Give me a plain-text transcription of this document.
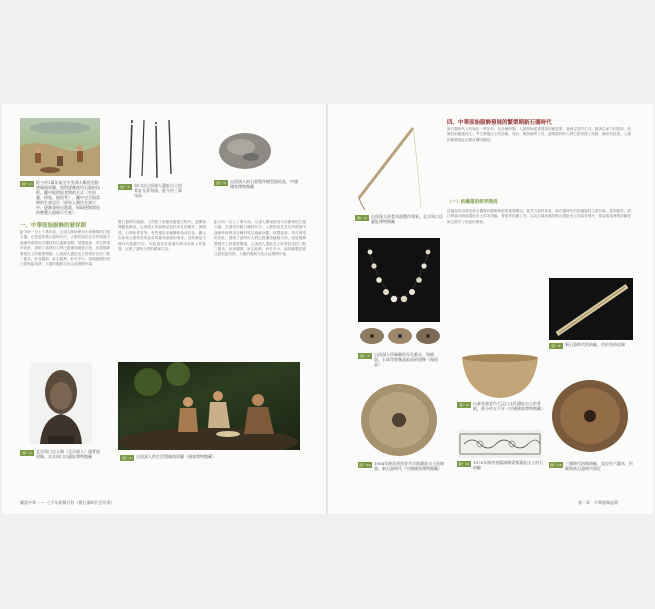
圖一-1	距今約1萬年前至中美洲人類的活動想像復原圖，他們逐漸使用石器的技術。圖中他們取食物的方式（有狩獵、採集、捕魚等），圖中也呈現當時的生產居住（原始人類住在洞穴中，逐漸發展出農業，採取後期開始的磨製石器進行生產）
圖一-2	周口店山頂洞人遺址出土的骨針及骨角器，距今約三萬年前
圖一-3	山頂洞人的石器製作模型復原品，中國國家博物館藏
一、中華原始服飾的發祥期
距今約一百七十萬年前，元謀人開始使用火和簡單的打製石器。在漫長的舊石器時代中，人類的祖先在自然環境中逐漸學會利用各種材料以遮蔽身體，抵禦風寒。考古發現的骨針，證明了當時的人們已經懂得縫製衣物，這是服飾發展史上的重要開端。山頂洞人遺址出土的骨針長約八點二釐米，針身圓滑，針尖銳利，針孔窄小，說明縫製技術已經相當成熟，人類的服飾文化由此揭開序幕。
舊石器時代晚期，人們除了用獸皮縫製衣物外，還開始佩戴裝飾品。山頂洞人的裝飾品包括穿孔的獸牙、海蚶殼、石珠和骨管等，有些還用赤鐵礦粉染成紅色，顯示出原始人類對美的追求與審美意識的萌芽。這些飾品不僅具有裝飾作用，可能還具有某種宗教或巫術上的意義，反映了當時人們的精神生活。
距今約一百七十萬年前，元謀人開始使用火和簡單的打製石器。在漫長的舊石器時代中，人類的祖先在自然環境中逐漸學會利用各種材料以遮蔽身體，抵禦風寒。考古發現的骨針，證明了當時的人們已經懂得縫製衣物，這是服飾發展史上的重要開端。山頂洞人遺址出土的骨針長約八點二釐米，針身圓滑，針尖銳利，針孔窄小，說明縫製技術已經相當成熟，人類的服飾文化由此揭開序幕。
圖一-4	北京周口店人類（北京猿人）頭骨復原像，北京周口店遺址博物館藏	圖一-5	山頂洞人的生活想像復原圖（國家博物館藏）
圖說中華一 — 七千年服飾百科（舊石器時代至明清）
圖一-6	山頂洞人的骨角器製作場景，北京周口店遺址博物館藏
四、中華原始服飾發展的繁榮期新石器時代
新石器時代大約始於一萬年前，在這個時期，人類開始從事農業和畜牧業，過著定居的生活。隨著生產力的提高，紡織技術應運而生。考古發掘出土的紡輪、骨針、陶紡輪等工具，證明當時的人們已經掌握了紡線、織布的技術，人類的服飾從此由獸皮轉向織物。
（一）紡織業的萌芽階段
紡織品的出現是新石器時代服飾發展的重要標誌。從考古資料來看，新石器時代的紡織原料主要有麻、葛和絲等。浙江餘姚河姆渡遺址出土的木紡輪、骨梭等紡織工具，以及江蘇吳縣草鞋山遺址出土的葛布殘片，都說明當時的紡織技術已經有了相當的發展。
圖一-7	山頂洞人所佩戴的穿孔獸牙、海蚶殼、石珠等裝飾品組成的項飾（復原品）
圖一-8	新石器時代的紡輪，用於紡紗捻線
圖一-9	山東省泰安市大汶口文化遺址出土的骨梳，距今約五千年（中國國家博物館藏）
圖一-10 1964年陝西省西安市半坡遺址出土的陶器，新石器時代（中國國家博物館藏）
圖一-11 1976年陝西省臨潼縣姜寨遺址出土的石紡輪	圖一-14 三國時代的陶紡輪，直徑約六釐米，形制與新石器時代相近
第一章　中華服飾起源
